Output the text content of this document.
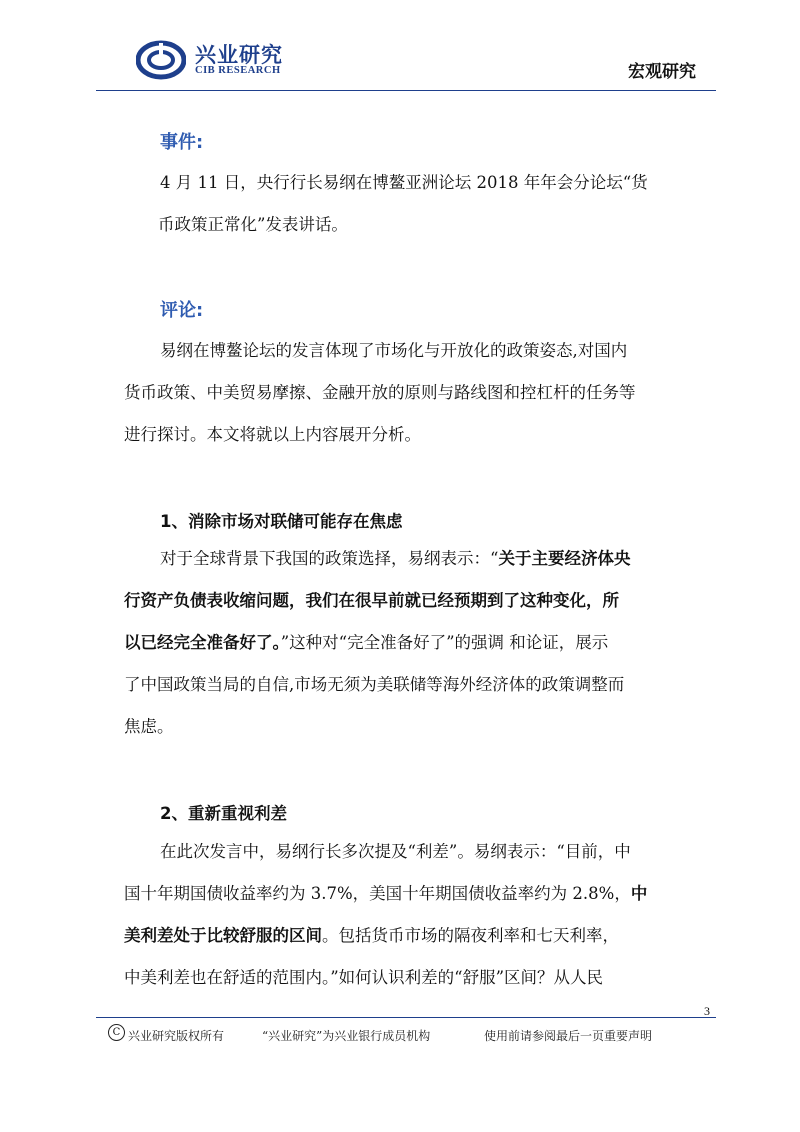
兴业研究
CIB RESEARCH	宏观研究
事件:
4 月 11 日，央行行长易纲在博鳌亚洲论坛 2018 年年会分论坛“货
币政策正常化”发表讲话。
评论:
易纲在博鳌论坛的发言体现了市场化与开放化的政策姿态,对国内
货币政策、中美贸易摩擦、金融开放的原则与路线图和控杠杆的任务等
进行探讨。本文将就以上内容展开分析。
1、消除市场对联储可能存在焦虑
对于全球背景下我国的政策选择，易纲表示：“关于主要经济体央
行资产负债表收缩问题，我们在很早前就已经预期到了这种变化，所
以已经完全准备好了。”这种对“完全准备好了”的强调 和论证，展示
了中国政策当局的自信,市场无须为美联储等海外经济体的政策调整而
焦虑。
2、重新重视利差
在此次发言中，易纲行长多次提及“利差”。易纲表示：“目前，中
国十年期国债收益率约为 3.7%，美国十年期国债收益率约为 2.8%，中
美利差处于比较舒服的区间。包括货币市场的隔夜利率和七天利率，
中美利差也在舒适的范围内。”如何认识利差的“舒服”区间？从人民
3
C 兴业研究版权所有	“兴业研究”为兴业银行成员机构	使用前请参阅最后一页重要声明
